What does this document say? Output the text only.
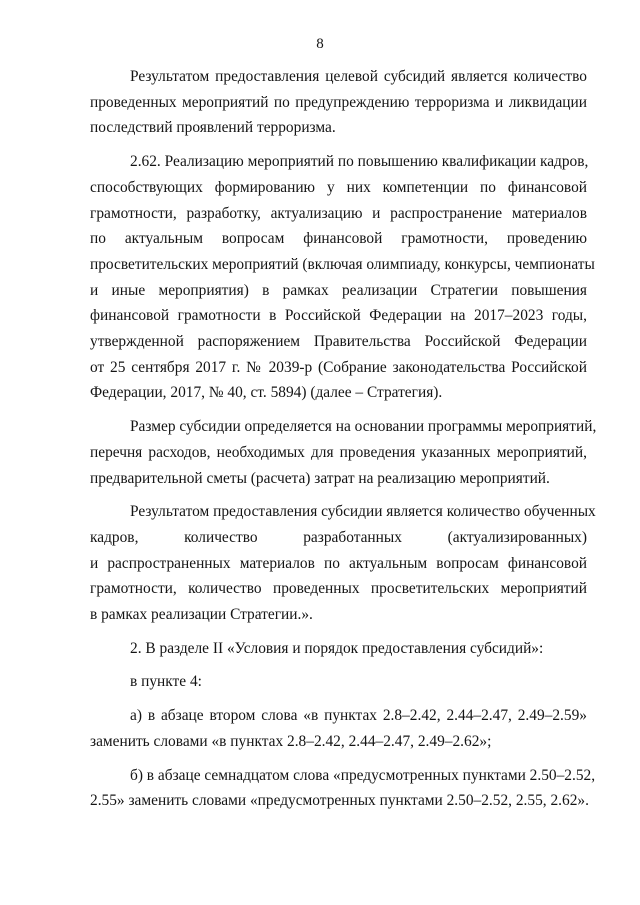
8
Результатом предоставления целевой субсидий является количество
проведенных мероприятий по предупреждению терроризма и ликвидации
последствий проявлений терроризма.
2.62. Реализацию мероприятий по повышению квалификации кадров,
способствующих формированию у них компетенции по финансовой
грамотности, разработку, актуализацию и распространение материалов
по актуальным вопросам финансовой грамотности, проведению
просветительских мероприятий (включая олимпиаду, конкурсы, чемпионаты
и иные мероприятия) в рамках реализации Стратегии повышения
финансовой грамотности в Российской Федерации на 2017–2023 годы,
утвержденной распоряжением Правительства Российской Федерации
от 25 сентября 2017 г. № 2039-р (Собрание законодательства Российской
Федерации, 2017, № 40, ст. 5894) (далее – Стратегия).
Размер субсидии определяется на основании программы мероприятий,
перечня расходов, необходимых для проведения указанных мероприятий,
предварительной сметы (расчета) затрат на реализацию мероприятий.
Результатом предоставления субсидии является количество обученных
кадров, количество разработанных (актуализированных)
и распространенных материалов по актуальным вопросам финансовой
грамотности, количество проведенных просветительских мероприятий
в рамках реализации Стратегии.».
2. В разделе II «Условия и порядок предоставления субсидий»:
в пункте 4:
а) в абзаце втором слова «в пунктах 2.8–2.42, 2.44–2.47, 2.49–2.59»
заменить словами «в пунктах 2.8–2.42, 2.44–2.47, 2.49–2.62»;
б) в абзаце семнадцатом слова «предусмотренных пунктами 2.50–2.52,
2.55» заменить словами «предусмотренных пунктами 2.50–2.52, 2.55, 2.62».
